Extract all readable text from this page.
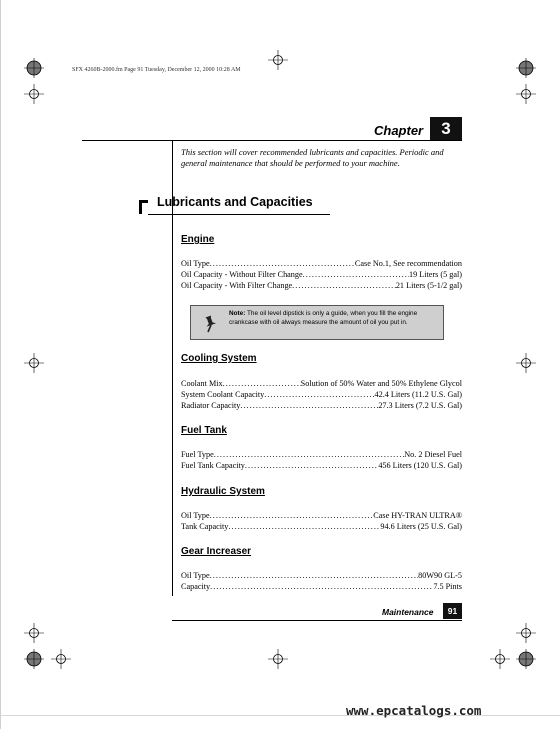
SFX 4260B-2000.fm Page 91 Tuesday, December 12, 2000 10:28 AM
Chapter	3
This section will cover recommended lubricants and capacities. Periodic and general maintenance that should be performed to your machine.
Lubricants and Capacities
Engine
Oil Type . . .	Case No.1, See recommendation
Oil Capacity - Without Filter Change . . .	19 Liters (5 gal)
Oil Capacity - With Filter Change . . .	21 Liters (5-1/2 gal)
Note: The oil level dipstick is only a guide, when you fill the engine crankcase with oil always measure the amount of oil you put in.
Cooling System
Coolant Mix . . .	Solution of 50% Water and 50% Ethylene Glycol
System Coolant Capacity . . .	42.4 Liters (11.2 U.S. Gal)
Radiator Capacity . . .	27.3 Liters (7.2 U.S. Gal)
Fuel Tank
Fuel Type . . .	No. 2 Diesel Fuel
Fuel Tank Capacity . . .	456 Liters (120 U.S. Gal)
Hydraulic System
Oil Type . . .	Case HY-TRAN ULTRA®
Tank Capacity . . .	94.6 Liters (25 U.S. Gal)
Gear Increaser
Oil Type . . .	80W90 GL-5
Capacity . . .	7.5 Pints
Maintenance	91
www.epcatalogs.com
